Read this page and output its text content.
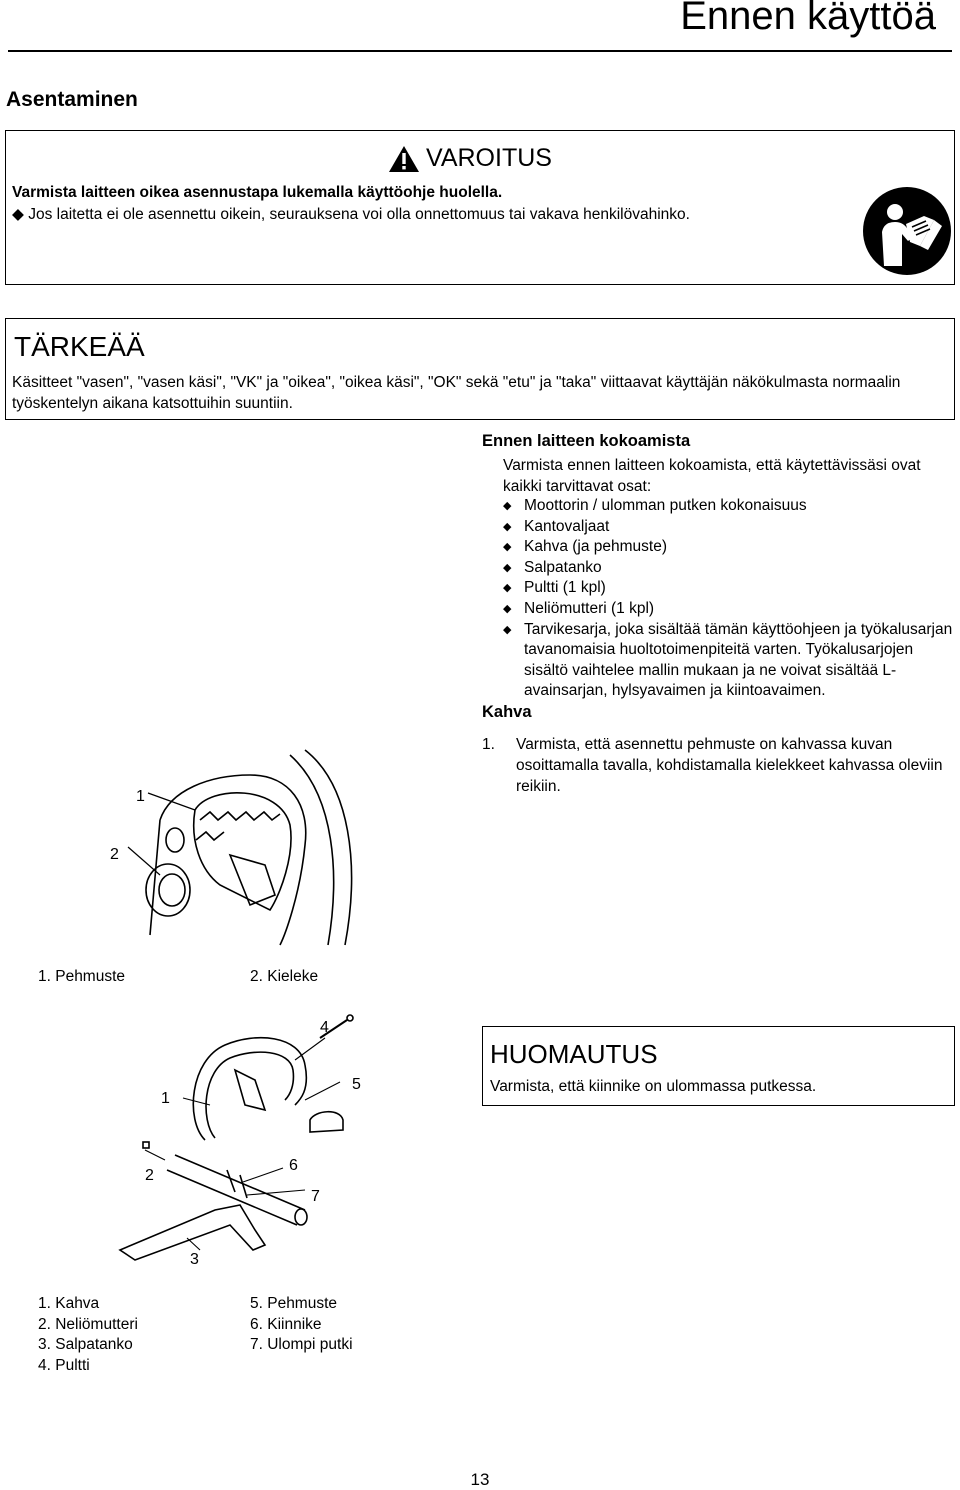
Ennen käyttöä
Asentaminen
VAROITUS
Varmista laitteen oikea asennustapa lukemalla käyttöohje huolella.
◆ Jos laitetta ei ole asennettu oikein, seurauksena voi olla onnettomuus tai vakava henkilövahinko.
TÄRKEÄÄ
Käsitteet "vasen", "vasen käsi", "VK" ja "oikea", "oikea käsi", "OK" sekä "etu" ja "taka" viittaavat käyttäjän näkökulmasta normaalin työskentelyn aikana katsottuihin suuntiin.
Ennen laitteen kokoamista
Varmista ennen laitteen kokoamista, että käytettävissäsi ovat kaikki tarvittavat osat:
◆ Moottorin / ulomman putken kokonaisuus
◆ Kantovaljaat
◆ Kahva (ja pehmuste)
◆ Salpatanko
◆ Pultti (1 kpl)
◆ Neliömutteri (1 kpl)
◆ Tarvikesarja, joka sisältää tämän käyttöohjeen ja työkalusarjan tavanomaisia huoltotoimenpiteitä varten. Työkalusarjojen sisältö vaihtelee mallin mukaan ja ne voivat sisältää L-avainsarjan, hylsyavaimen ja kiintoavaimen.
Kahva
1. Varmista, että asennettu pehmuste on kahvassa kuvan osoittamalla tavalla, kohdistamalla kielekkeet kahvassa oleviin reikiin.
1
2
1. Pehmuste	2. Kieleke
4
5
1
2
6
7
3
1. Kahva
2. Neliömutteri
3. Salpatanko
4. Pultti
5. Pehmuste
6. Kiinnike
7. Ulompi putki
HUOMAUTUS
Varmista, että kiinnike on ulommassa putkessa.
13
